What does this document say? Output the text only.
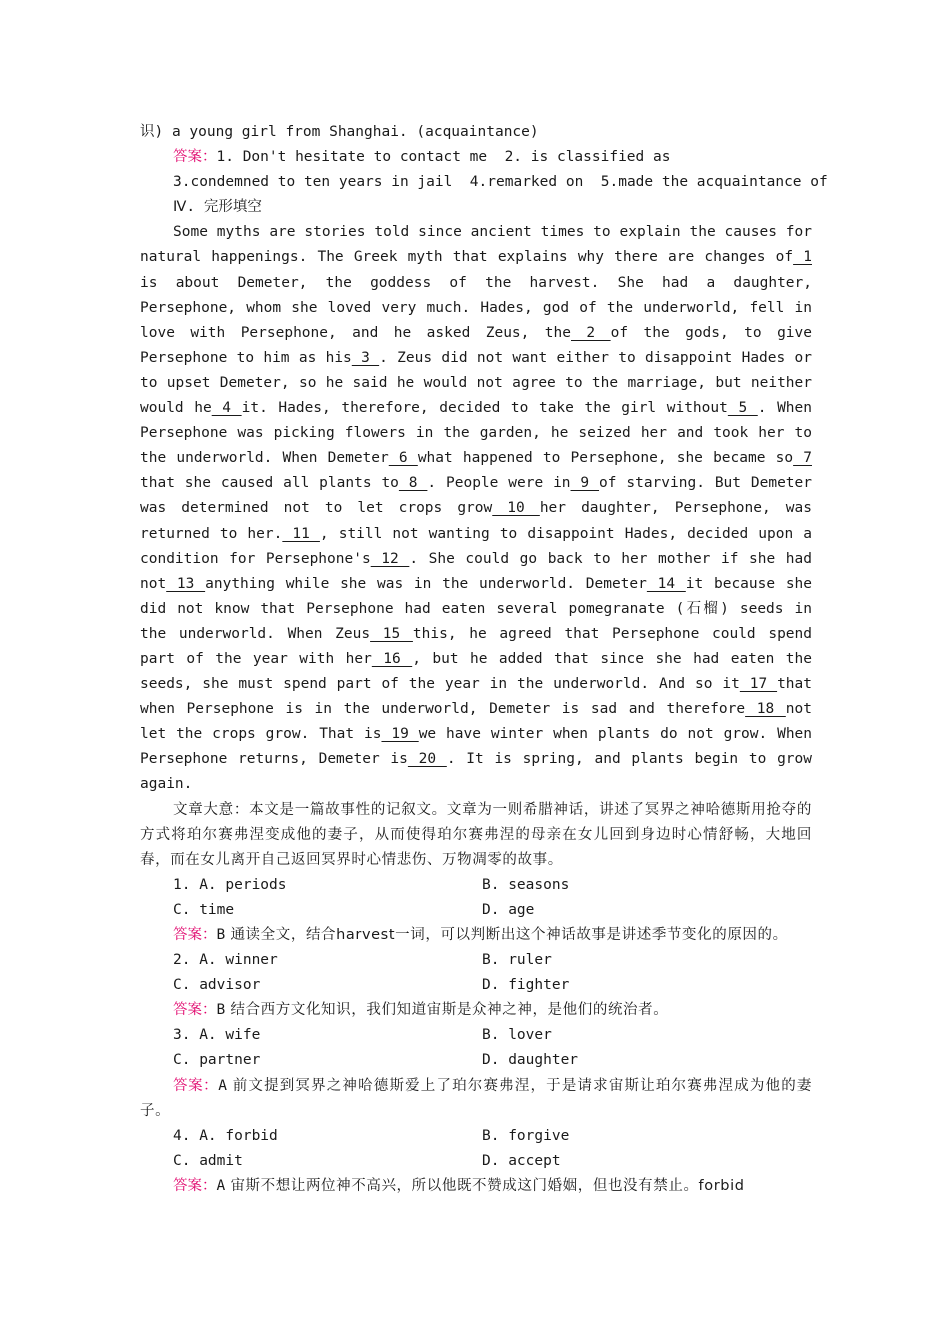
识) a young girl from Shanghai. (acquaintance)
答案：1. Don't hesitate to contact me  2. is classified as
3.condemned to ten years in jail  4.remarked on  5.made the acquaintance of
Ⅳ. 完形填空
Some myths are stories told since ancient times to explain the causes for natural happenings. The Greek myth that explains why there are changes of 1 is about Demeter, the goddess of the harvest. She had a daughter, Persephone, whom she loved very much. Hades, god of the underworld, fell in love with Persephone, and he asked Zeus, the 2 of the gods, to give Persephone to him as his 3 . Zeus did not want either to disappoint Hades or to upset Demeter, so he said he would not agree to the marriage, but neither would he 4 it. Hades, therefore, decided to take the girl without 5 . When Persephone was picking flowers in the garden, he seized her and took her to the underworld. When Demeter 6 what happened to Persephone, she became so 7 that she caused all plants to 8 . People were in 9 of starving. But Demeter was determined not to let crops grow 10 her daughter, Persephone, was returned to her. 11 , still not wanting to disappoint Hades, decided upon a condition for Persephone's 12 . She could go back to her mother if she had not 13 anything while she was in the underworld. Demeter 14 it because she did not know that Persephone had eaten several pomegranate (石榴) seeds in the underworld. When Zeus 15 this, he agreed that Persephone could spend part of the year with her 16 , but he added that since she had eaten the seeds, she must spend part of the year in the underworld. And so it 17 that when Persephone is in the underworld, Demeter is sad and therefore 18 not let the crops grow. That is 19 we have winter when plants do not grow. When Persephone returns, Demeter is 20 . It is spring, and plants begin to grow again.
文章大意：本文是一篇故事性的记叙文。文章为一则希腊神话，讲述了冥界之神哈德斯用抢夺的方式将珀尔赛弗涅变成他的妻子，从而使得珀尔赛弗涅的母亲在女儿回到身边时心情舒畅，大地回春，而在女儿离开自己返回冥界时心情悲伤、万物凋零的故事。
1. A. periods	B. seasons
C. time	D. age
答案：B 通读全文，结合harvest一词，可以判断出这个神话故事是讲述季节变化的原因的。
2. A. winner	B. ruler
C. advisor	D. fighter
答案：B 结合西方文化知识，我们知道宙斯是众神之神，是他们的统治者。
3. A. wife	B. lover
C. partner	D. daughter
答案：A 前文提到冥界之神哈德斯爱上了珀尔赛弗涅，于是请求宙斯让珀尔赛弗涅成为他的妻子。
4. A. forbid	B. forgive
C. admit	D. accept
答案：A 宙斯不想让两位神不高兴，所以他既不赞成这门婚姻，但也没有禁止。forbid
